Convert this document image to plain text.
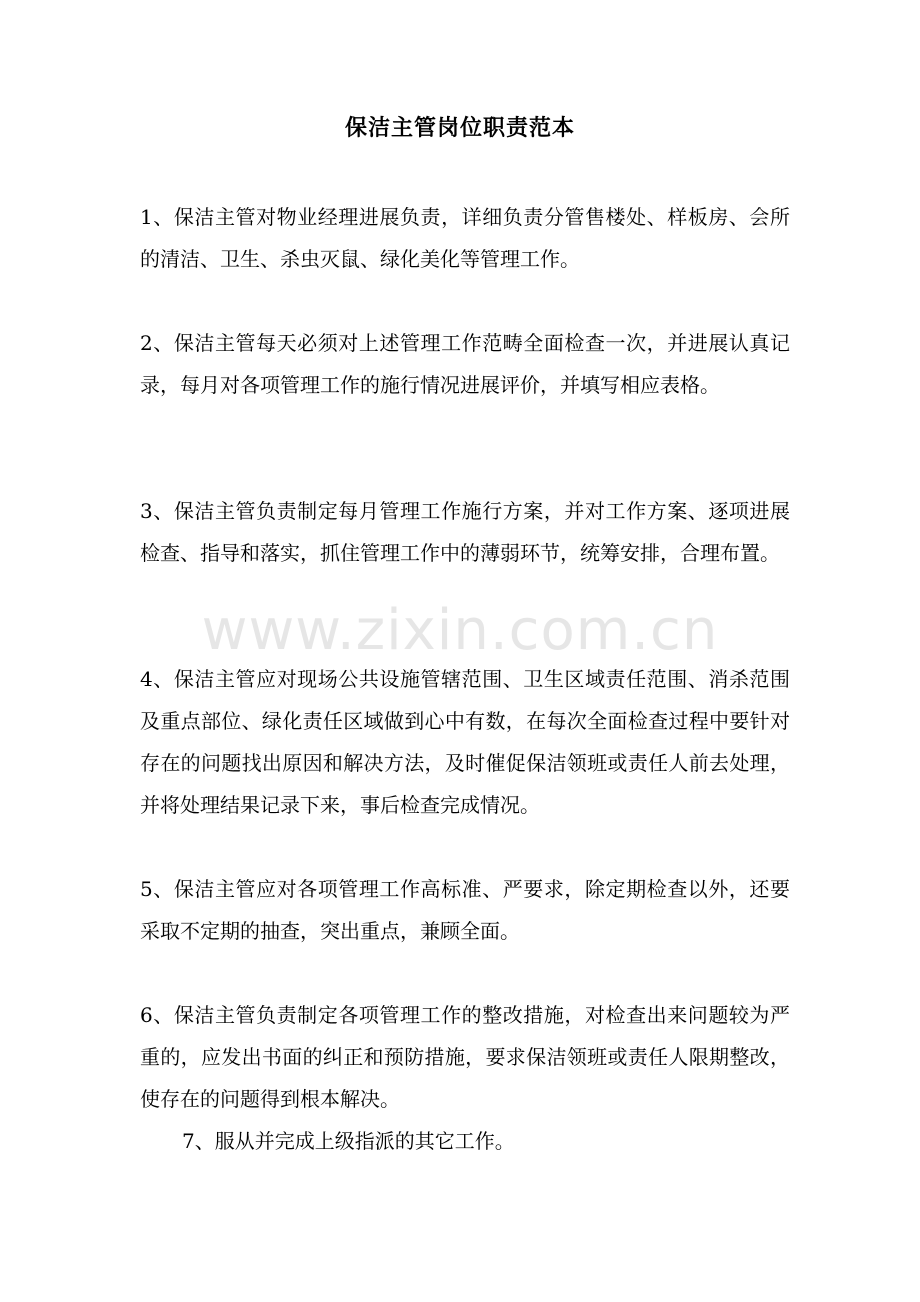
保洁主管岗位职责范本
www.zixin.com.cn

1、保洁主管对物业经理进展负责，详细负责分管售楼处、样板房、会所的清洁、卫生、杀虫灭鼠、绿化美化等管理工作。

2、保洁主管每天必须对上述管理工作范畴全面检查一次，并进展认真记录，每月对各项管理工作的施行情况进展评价，并填写相应表格。

3、保洁主管负责制定每月管理工作施行方案，并对工作方案、逐项进展检查、指导和落实，抓住管理工作中的薄弱环节，统筹安排，合理布置。

4、保洁主管应对现场公共设施管辖范围、卫生区域责任范围、消杀范围及重点部位、绿化责任区域做到心中有数，在每次全面检查过程中要针对存在的问题找出原因和解决方法，及时催促保洁领班或责任人前去处理，并将处理结果记录下来，事后检查完成情况。

5、保洁主管应对各项管理工作高标准、严要求，除定期检查以外，还要采取不定期的抽查，突出重点，兼顾全面。

6、保洁主管负责制定各项管理工作的整改措施，对检查出来问题较为严重的，应发出书面的纠正和预防措施，要求保洁领班或责任人限期整改，使存在的问题得到根本解决。

7、服从并完成上级指派的其它工作。
